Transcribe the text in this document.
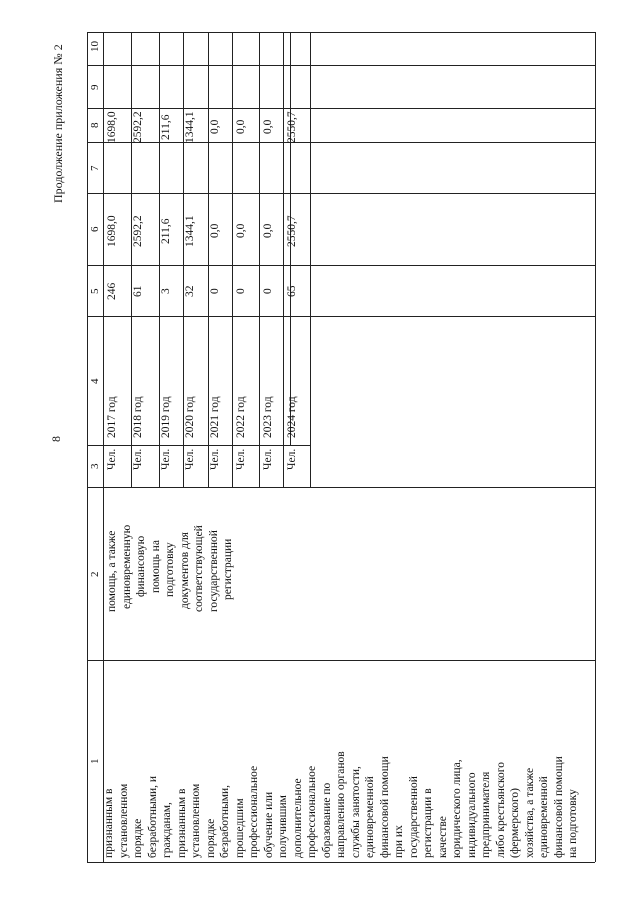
Продолжение приложения № 2
8
1
2
3
4
5
6
7
8
9
10
признанным в установленном порядке безработными, и гражданам, признанным в установленном порядке безработными, прошедшим профессиональное обучение или получившим дополнительное профессиональное образование по направлению органов службы занятости, единовременной финансовой помощи при их государственной регистрации в качестве юридического лица, индивидуального предпринимателя либо крестьянского (фермерского) хозяйства, а также единовременной финансовой помощи на подготовку
помощь, а также единовременную финансовую помощь на подготовку документов для соответствующей государственной регистрации
Чел.
2017 год
246
1698,0
1698,0
Чел.
2018 год
61
2592,2
2592,2
Чел.
2019 год
3
211,6
211,6
Чел.
2020 год
32
1344,1
1344,1
Чел.
2021 год
0
0,0
0,0
Чел.
2022 год
0
0,0
0,0
Чел.
2023 год
0
0,0
0,0
Чел.
2024 год
65
2550,7
2550,7
